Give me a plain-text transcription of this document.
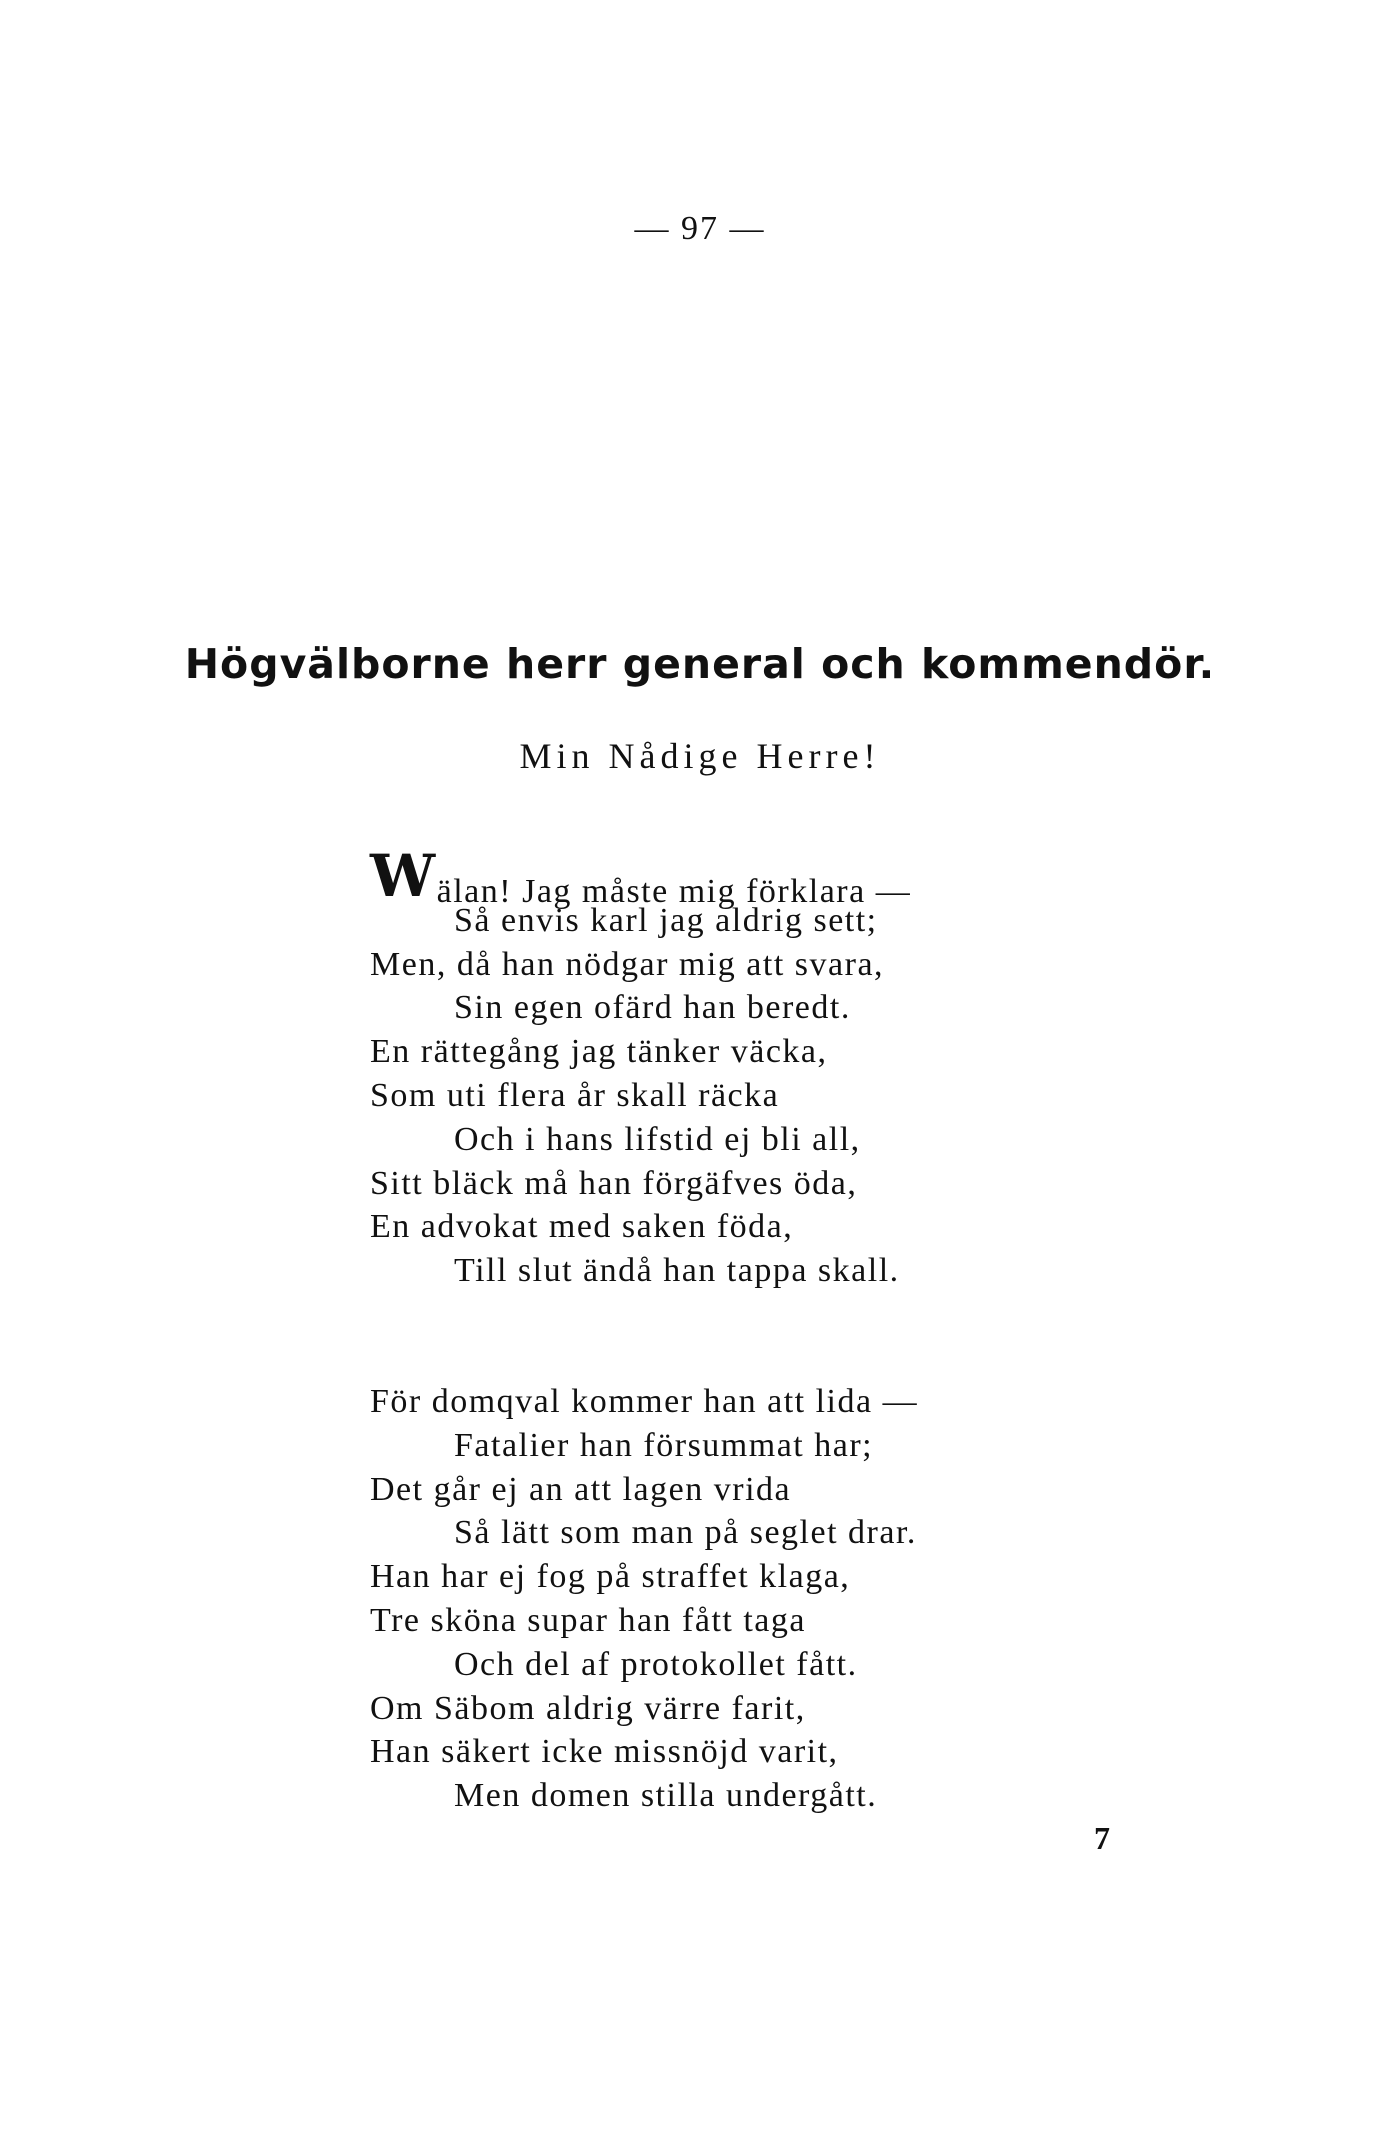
— 97 —
Högvälborne herr general och kommendör.
Min Nådige Herre!
Wälan! Jag måste mig förklara —
Så envis karl jag aldrig sett;
Men, då han nödgar mig att svara,
Sin egen ofärd han beredt.
En rättegång jag tänker väcka,
Som uti flera år skall räcka
Och i hans lifstid ej bli all,
Sitt bläck må han förgäfves öda,
En advokat med saken föda,
Till slut ändå han tappa skall.
För domqval kommer han att lida —
Fatalier han försummat har;
Det går ej an att lagen vrida
Så lätt som man på seglet drar.
Han har ej fog på straffet klaga,
Tre sköna supar han fått taga
Och del af protokollet fått.
Om Säbom aldrig värre farit,
Han säkert icke missnöjd varit,
Men domen stilla undergått.
7
